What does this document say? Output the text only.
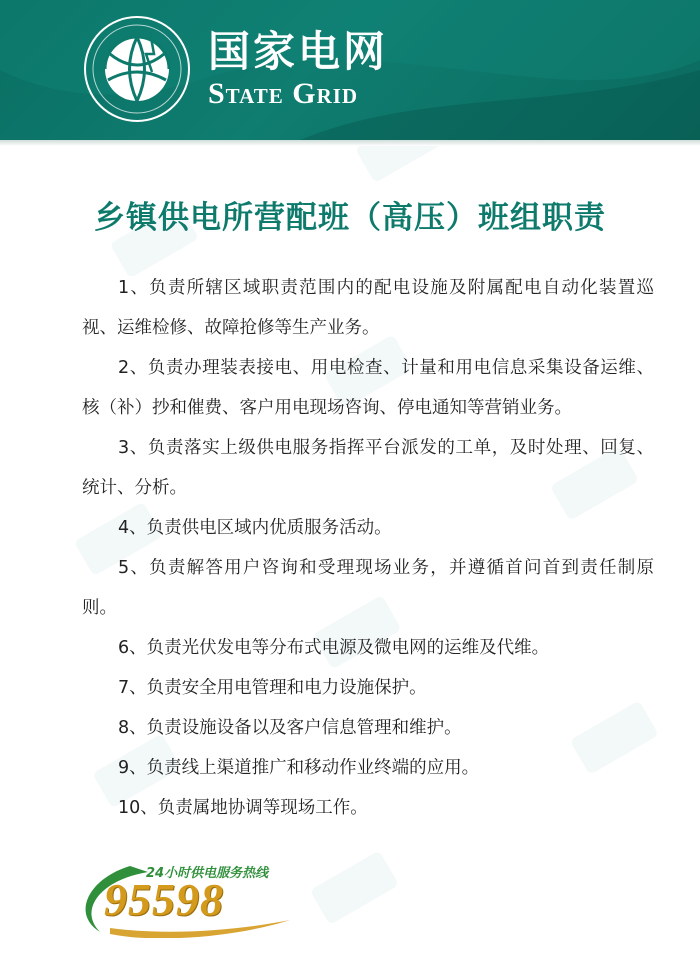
国家电网
State Grid
乡镇供电所营配班（高压）班组职责
1、负责所辖区域职责范围内的配电设施及附属配电自动化装置巡视、运维检修、故障抢修等生产业务。
2、负责办理装表接电、用电检查、计量和用电信息采集设备运维、核（补）抄和催费、客户用电现场咨询、停电通知等营销业务。
3、负责落实上级供电服务指挥平台派发的工单，及时处理、回复、统计、分析。
4、负责供电区域内优质服务活动。
5、负责解答用户咨询和受理现场业务，并遵循首问首到责任制原则。
6、负责光伏发电等分布式电源及微电网的运维及代维。
7、负责安全用电管理和电力设施保护。
8、负责设施设备以及客户信息管理和维护。
9、负责线上渠道推广和移动作业终端的应用。
10、负责属地协调等现场工作。
24小时供电服务热线
95598
